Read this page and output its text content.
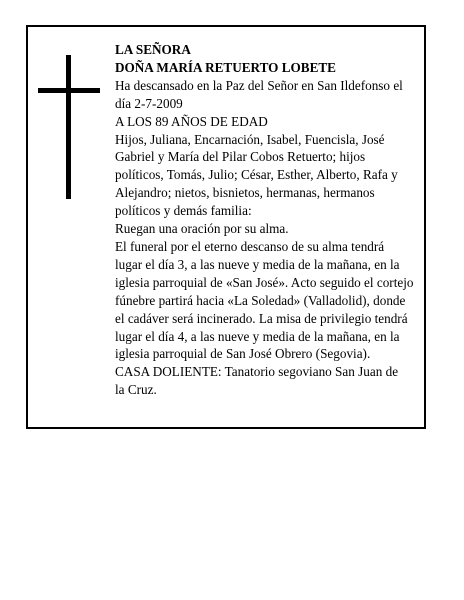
LA SEÑORA
DOÑA MARÍA RETUERTO LOBETE
Ha descansado en la Paz del Señor en San Ildefonso el
día 2-7-2009
A LOS 89 AÑOS DE EDAD
Hijos, Juliana, Encarnación, Isabel, Fuencisla, José
Gabriel y María del Pilar Cobos Retuerto; hijos
políticos, Tomás, Julio; César, Esther, Alberto, Rafa y
Alejandro; nietos, bisnietos, hermanas, hermanos
políticos y demás familia:
Ruegan una oración por su alma.
El funeral por el eterno descanso de su alma tendrá
lugar el día 3, a las nueve y media de la mañana, en la
iglesia parroquial de «San José». Acto seguido el cortejo
fúnebre partirá hacia «La Soledad» (Valladolid), donde
el cadáver será incinerado. La misa de privilegio tendrá
lugar el día 4, a las nueve y media de la mañana, en la
iglesia parroquial de San José Obrero (Segovia).
CASA DOLIENTE: Tanatorio segoviano San Juan de
la Cruz.
